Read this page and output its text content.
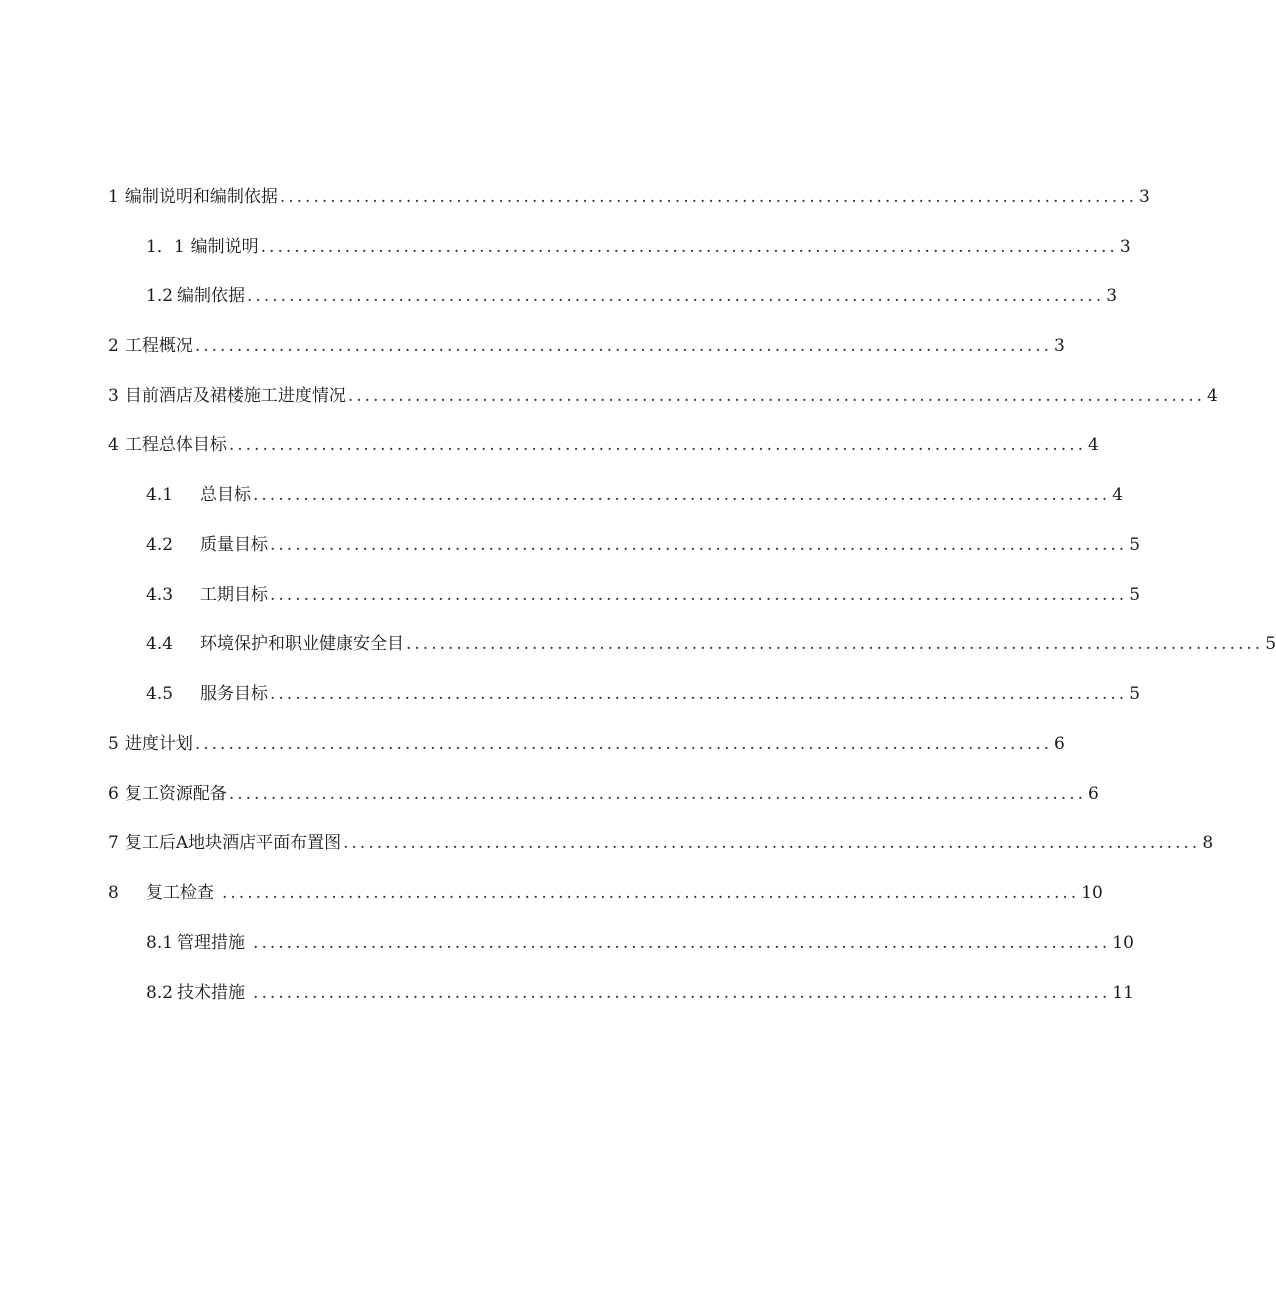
1 编制说明和编制依据 ...................................................................................................... 3
1．1 编制说明 ...................................................................................................... 3
1.2 编制依据 ...................................................................................................... 3
2 工程概况 ...................................................................................................... 3
3 目前酒店及裙楼施工进度情况 ...................................................................................................... 4
4 工程总体目标 ...................................................................................................... 4
4.1	总目标 ...................................................................................................... 4
4.2	质量目标 ...................................................................................................... 5
4.3	工期目标 ...................................................................................................... 5
4.4	环境保护和职业健康安全目 ...................................................................................................... 5
4.5	服务目标 ...................................................................................................... 5
5 进度计划 ...................................................................................................... 6
6 复工资源配备 ...................................................................................................... 6
7 复工后A地块酒店平面布置图 ...................................................................................................... 8
8	复工检查 ...................................................................................................... 10
8.1 管理措施 ...................................................................................................... 10
8.2 技术措施 ...................................................................................................... 11
